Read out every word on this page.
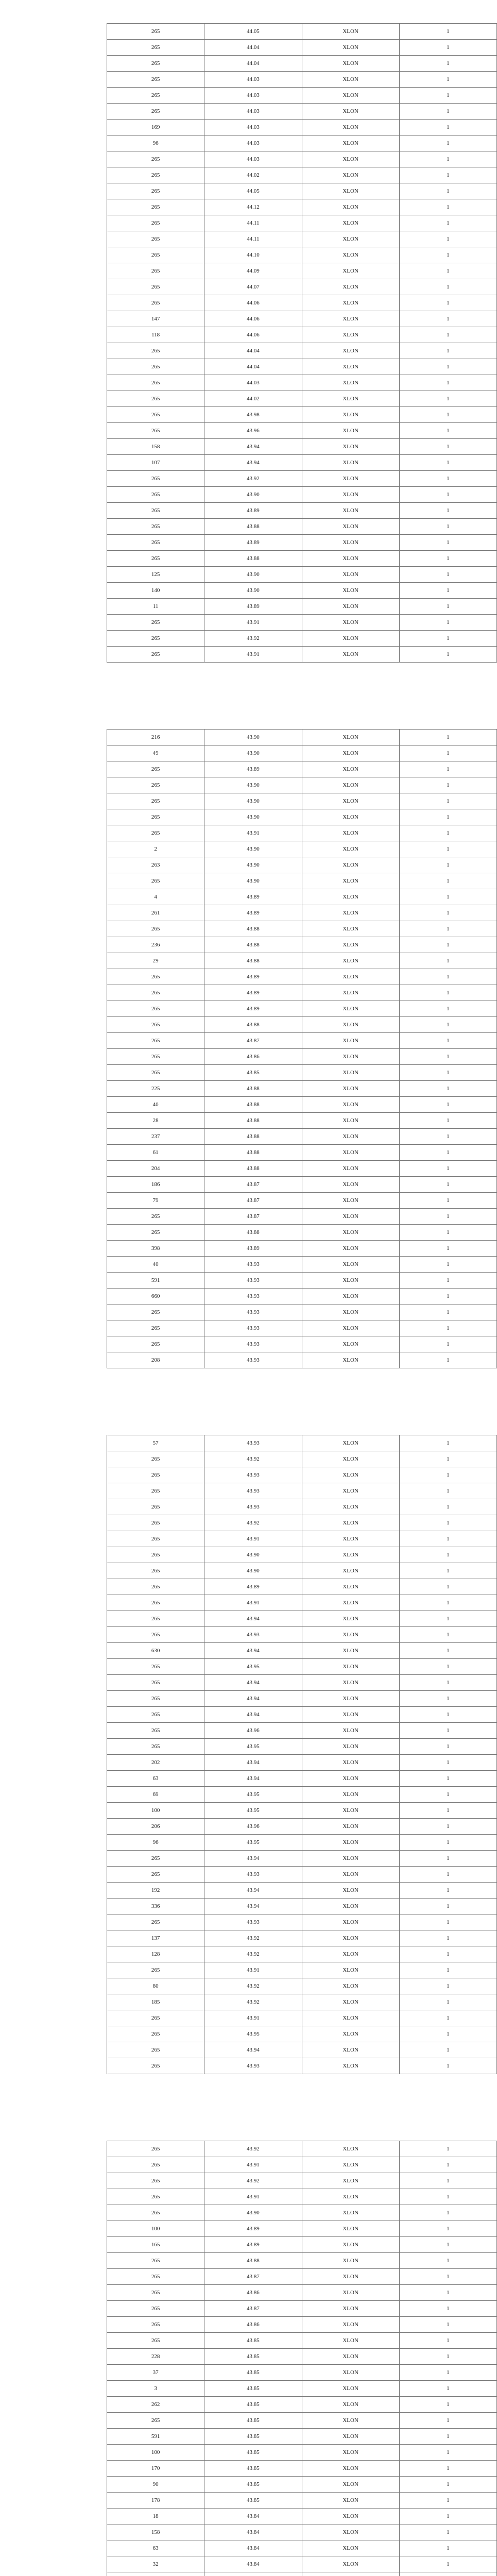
265	44.05	XLON	1
265	44.04	XLON	1
265	44.04	XLON	1
265	44.03	XLON	1
265	44.03	XLON	1
265	44.03	XLON	1
169	44.03	XLON	1
96	44.03	XLON	1
265	44.03	XLON	1
265	44.02	XLON	1
265	44.05	XLON	1
265	44.12	XLON	1
265	44.11	XLON	1
265	44.11	XLON	1
265	44.10	XLON	1
265	44.09	XLON	1
265	44.07	XLON	1
265	44.06	XLON	1
147	44.06	XLON	1
118	44.06	XLON	1
265	44.04	XLON	1
265	44.04	XLON	1
265	44.03	XLON	1
265	44.02	XLON	1
265	43.98	XLON	1
265	43.96	XLON	1
158	43.94	XLON	1
107	43.94	XLON	1
265	43.92	XLON	1
265	43.90	XLON	1
265	43.89	XLON	1
265	43.88	XLON	1
265	43.89	XLON	1
265	43.88	XLON	1
125	43.90	XLON	1
140	43.90	XLON	1
11	43.89	XLON	1
265	43.91	XLON	1
265	43.92	XLON	1
265	43.91	XLON	1
216	43.90	XLON	1
49	43.90	XLON	1
265	43.89	XLON	1
265	43.90	XLON	1
265	43.90	XLON	1
265	43.90	XLON	1
265	43.91	XLON	1
2	43.90	XLON	1
263	43.90	XLON	1
265	43.90	XLON	1
4	43.89	XLON	1
261	43.89	XLON	1
265	43.88	XLON	1
236	43.88	XLON	1
29	43.88	XLON	1
265	43.89	XLON	1
265	43.89	XLON	1
265	43.89	XLON	1
265	43.88	XLON	1
265	43.87	XLON	1
265	43.86	XLON	1
265	43.85	XLON	1
225	43.88	XLON	1
40	43.88	XLON	1
28	43.88	XLON	1
237	43.88	XLON	1
61	43.88	XLON	1
204	43.88	XLON	1
186	43.87	XLON	1
79	43.87	XLON	1
265	43.87	XLON	1
265	43.88	XLON	1
398	43.89	XLON	1
40	43.93	XLON	1
591	43.93	XLON	1
660	43.93	XLON	1
265	43.93	XLON	1
265	43.93	XLON	1
265	43.93	XLON	1
208	43.93	XLON	1
57	43.93	XLON	1
265	43.92	XLON	1
265	43.93	XLON	1
265	43.93	XLON	1
265	43.93	XLON	1
265	43.92	XLON	1
265	43.91	XLON	1
265	43.90	XLON	1
265	43.90	XLON	1
265	43.89	XLON	1
265	43.91	XLON	1
265	43.94	XLON	1
265	43.93	XLON	1
630	43.94	XLON	1
265	43.95	XLON	1
265	43.94	XLON	1
265	43.94	XLON	1
265	43.94	XLON	1
265	43.96	XLON	1
265	43.95	XLON	1
202	43.94	XLON	1
63	43.94	XLON	1
69	43.95	XLON	1
100	43.95	XLON	1
206	43.96	XLON	1
96	43.95	XLON	1
265	43.94	XLON	1
265	43.93	XLON	1
192	43.94	XLON	1
336	43.94	XLON	1
265	43.93	XLON	1
137	43.92	XLON	1
128	43.92	XLON	1
265	43.91	XLON	1
80	43.92	XLON	1
185	43.92	XLON	1
265	43.91	XLON	1
265	43.95	XLON	1
265	43.94	XLON	1
265	43.93	XLON	1
265	43.92	XLON	1
265	43.91	XLON	1
265	43.92	XLON	1
265	43.91	XLON	1
265	43.90	XLON	1
100	43.89	XLON	1
165	43.89	XLON	1
265	43.88	XLON	1
265	43.87	XLON	1
265	43.86	XLON	1
265	43.87	XLON	1
265	43.86	XLON	1
265	43.85	XLON	1
228	43.85	XLON	1
37	43.85	XLON	1
3	43.85	XLON	1
262	43.85	XLON	1
265	43.85	XLON	1
591	43.85	XLON	1
100	43.85	XLON	1
170	43.85	XLON	1
90	43.85	XLON	1
178	43.85	XLON	1
18	43.84	XLON	1
158	43.84	XLON	1
63	43.84	XLON	1
32	43.84	XLON	1
